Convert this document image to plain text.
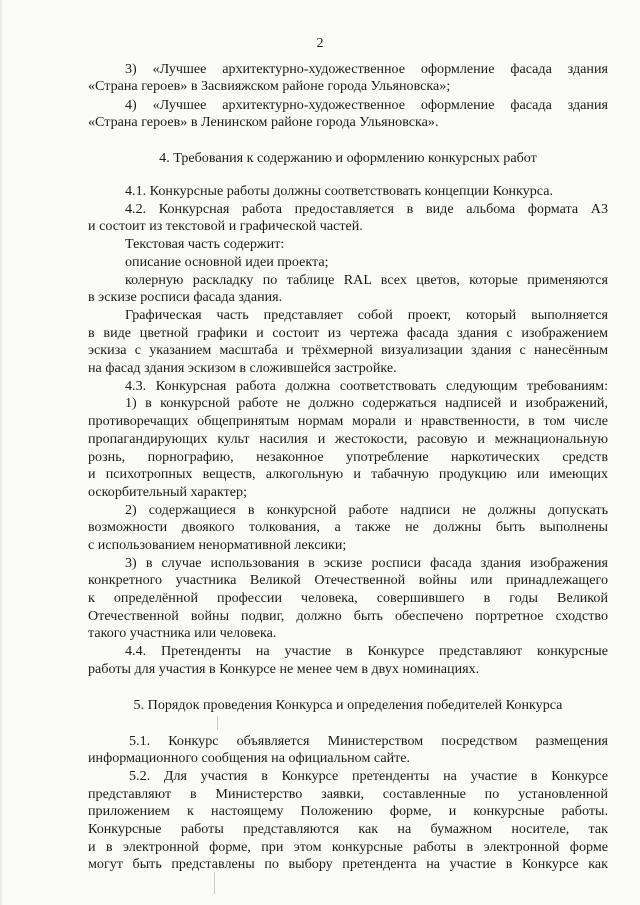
2

3) «Лучшее архитектурно-художественное оформление фасада здания

«Страна героев» в Засвияжском районе города Ульяновска»;

4) «Лучшее архитектурно-художественное оформление фасада здания

«Страна героев» в Ленинском районе города Ульяновска».

4. Требования к содержанию и оформлению конкурсных работ

4.1. Конкурсные работы должны соответствовать концепции Конкурса.

4.2. Конкурсная работа предоставляется в виде альбома формата А3

и состоит из текстовой и графической частей.

Текстовая часть содержит:

описание основной идеи проекта;

колерную раскладку по таблице RAL всех цветов, которые применяются

в эскизе росписи фасада здания.

Графическая часть представляет собой проект, который выполняется

в виде цветной графики и состоит из чертежа фасада здания с изображением

эскиза с указанием масштаба и трёхмерной визуализации здания с нанесённым

на фасад здания эскизом в сложившейся застройке.

4.3. Конкурсная работа должна соответствовать следующим требованиям:

1) в конкурсной работе не должно содержаться надписей и изображений,

противоречащих общепринятым нормам морали и нравственности, в том числе

пропагандирующих культ насилия и жестокости, расовую и межнациональную

рознь, порнографию, незаконное употребление наркотических средств

и психотропных веществ, алкогольную и табачную продукцию или имеющих

оскорбительный характер;

2) содержащиеся в конкурсной работе надписи не должны допускать

возможности двоякого толкования, а также не должны быть выполнены

с использованием ненормативной лексики;

3) в случае использования в эскизе росписи фасада здания изображения

конкретного участника Великой Отечественной войны или принадлежащего

к определённой профессии человека, совершившего в годы Великой

Отечественной войны подвиг, должно быть обеспечено портретное сходство

такого участника или человека.

4.4. Претенденты на участие в Конкурсе представляют конкурсные

работы для участия в Конкурсе не менее чем в двух номинациях.

5. Порядок проведения Конкурса и определения победителей Конкурса

5.1. Конкурс объявляется Министерством посредством размещения

информационного сообщения на официальном сайте.

5.2. Для участия в Конкурсе претенденты на участие в Конкурсе

представляют в Министерство заявки, составленные по установленной

приложением к настоящему Положению форме, и конкурсные работы.

Конкурсные работы представляются как на бумажном носителе, так

и в электронной форме, при этом конкурсные работы в электронной форме

могут быть представлены по выбору претендента на участие в Конкурсе как
